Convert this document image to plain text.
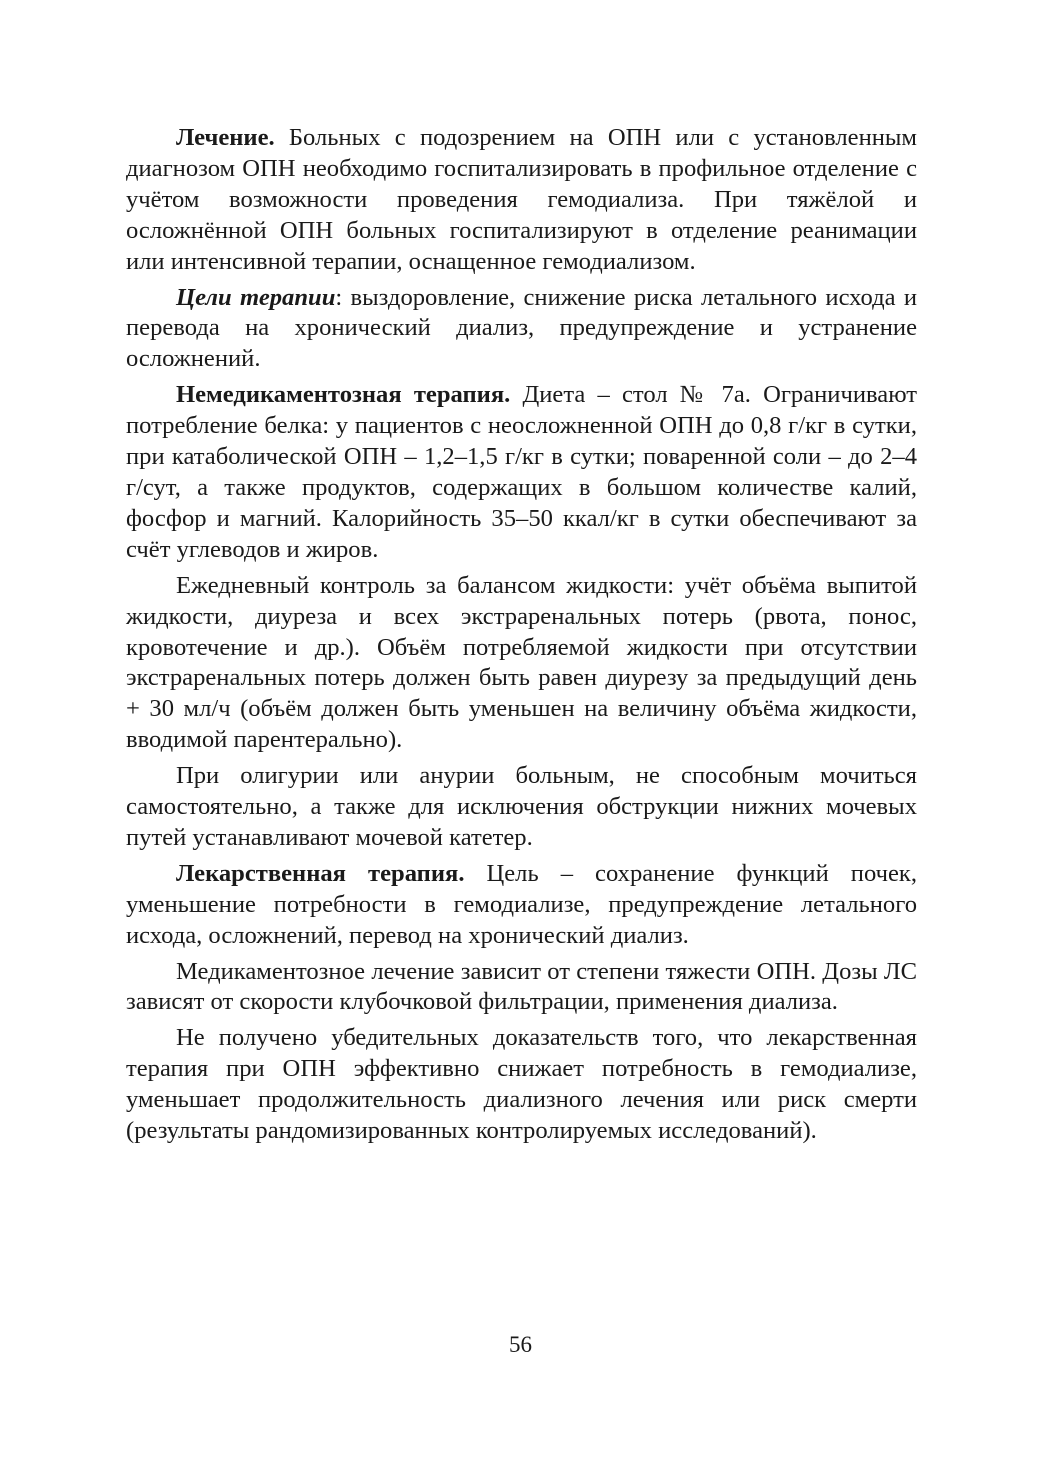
Лечение. Больных с подозрением на ОПН или с установленным диагнозом ОПН необходимо госпитализировать в профильное отделение с учётом возможности проведения гемодиализа. При тяжёлой и осложнённой ОПН больных госпитализируют в отделение реанимации или интенсивной терапии, оснащенное гемодиализом.

Цели терапии: выздоровление, снижение риска летального исхода и перевода на хронический диализ, предупреждение и устранение осложнений.

Немедикаментозная терапия. Диета – стол № 7а. Ограничивают потребление белка: у пациентов с неосложненной ОПН до 0,8 г/кг в сутки, при катаболической ОПН – 1,2–1,5 г/кг в сутки; поваренной соли – до 2–4 г/сут, а также продуктов, содержащих в большом количестве калий, фосфор и магний. Калорийность 35–50 ккал/кг в сутки обеспечивают за счёт углеводов и жиров.

Ежедневный контроль за балансом жидкости: учёт объёма выпитой жидкости, диуреза и всех экстраренальных потерь (рвота, понос, кровотечение и др.). Объём потребляемой жидкости при отсутствии экстраренальных потерь должен быть равен диурезу за предыдущий день + 30 мл/ч (объём должен быть уменьшен на величину объёма жидкости, вводимой парентерально).

При олигурии или анурии больным, не способным мочиться самостоятельно, а также для исключения обструкции нижних мочевых путей устанавливают мочевой катетер.

Лекарственная терапия. Цель – сохранение функций почек, уменьшение потребности в гемодиализе, предупреждение летального исхода, осложнений, перевод на хронический диализ.

Медикаментозное лечение зависит от степени тяжести ОПН. Дозы ЛС зависят от скорости клубочковой фильтрации, применения диализа.

Не получено убедительных доказательств того, что лекарственная терапия при ОПН эффективно снижает потребность в гемодиализе, уменьшает продолжительность диализного лечения или риск смерти (результаты рандомизированных контролируемых исследований).

56
